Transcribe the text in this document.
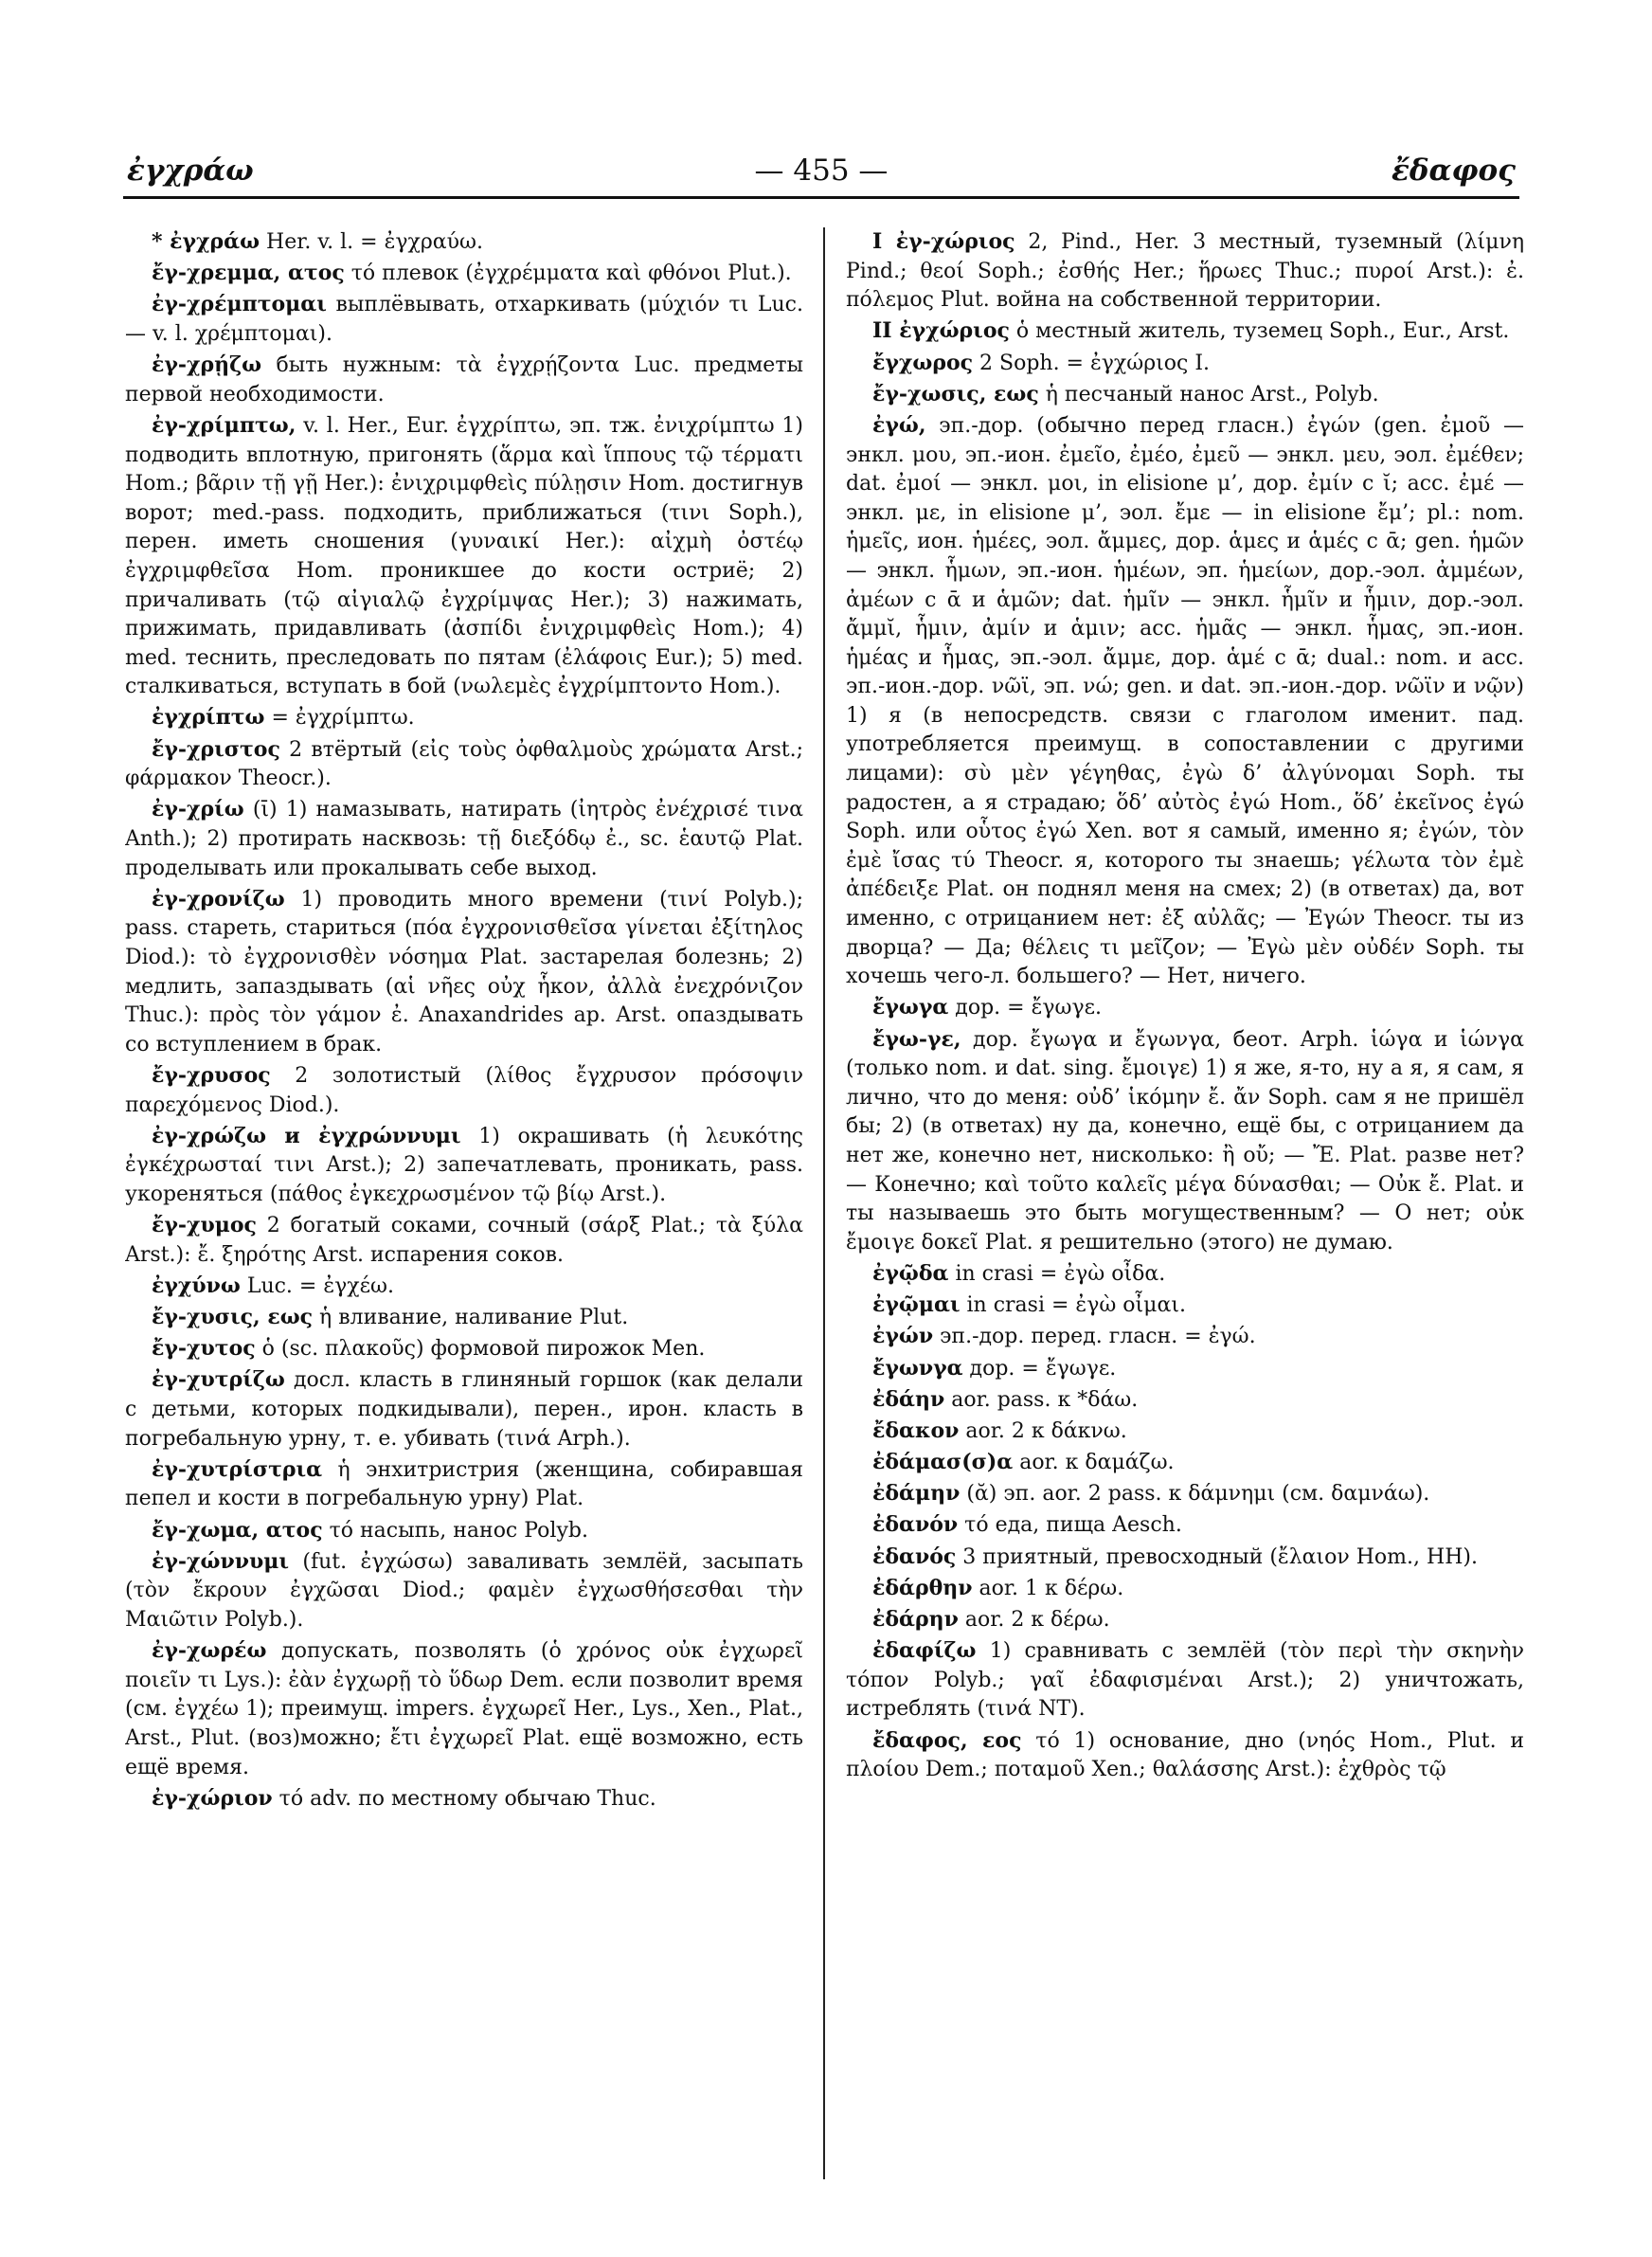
ἐγχράω	— 455 —	ἔδαφος

* ἐγχράω Her. v. l. = ἐγχραύω.

ἔγ-χρεμμα, ατος τό плевок (ἐγχρέμματα καὶ φθόνοι Plut.).

ἐγ-χρέμπτομαι выплёвывать, отхаркивать (μύχιόν τι Luc. — v. l. χρέμπτομαι).

ἐγ-χρῄζω быть нужным: τὰ ἐγχρῄζοντα Luc. предметы первой необходимости.

ἐγ-χρίμπτω, v. l. Her., Eur. ἐγχρίπτω, эп. тж. ἐνιχρίμπτω 1) подводить вплотную, пригонять (ἅρμα καὶ ἵππους τῷ τέρματι Hom.; βᾶριν τῇ γῇ Her.): ἐνιχριμφθεὶς πύλῃσιν Hom. достигнув ворот; med.-pass. подходить, приближаться (τινι Soph.), перен. иметь сношения (γυναικί Her.): αἰχμὴ ὀστέῳ ἐγχριμφθεῖσα Hom. проникшее до кости остриё; 2) причаливать (τῷ αἰγιαλῷ ἐγχρίμψας Her.); 3) нажимать, прижимать, придавливать (ἀσπίδι ἐνιχριμφθεὶς Hom.); 4) med. теснить, преследовать по пятам (ἐλάφοις Eur.); 5) med. сталкиваться, вступать в бой (νωλεμὲς ἐγχρίμπτοντο Hom.).

ἐγχρίπτω = ἐγχρίμπτω.

ἔγ-χριστος 2 втёртый (εἰς τοὺς ὀφθαλμοὺς χρώματα Arst.; φάρμακον Theocr.).

ἐγ-χρίω (ῑ) 1) намазывать, натирать (ἰητρὸς ἐνέχρισέ τινα Anth.); 2) протирать насквозь: τῇ διεξόδῳ ἐ., sc. ἑαυτῷ Plat. проделывать или прокалывать себе выход.

ἐγ-χρονίζω 1) проводить много времени (τινί Polyb.); pass. стареть, стариться (πόα ἐγχρονισθεῖσα γίνεται ἐξίτηλος Diod.): τὸ ἐγχρονισθὲν νόσημα Plat. застарелая болезнь; 2) медлить, запаздывать (αἱ νῆες οὐχ ἧκον, ἀλλὰ ἐνεχρόνιζον Thuc.): πρὸς τὸν γάμον ἐ. Anaxandrides ap. Arst. опаздывать со вступлением в брак.

ἔγ-χρυσος 2 золотистый (λίθος ἔγχρυσον πρόσοψιν παρεχόμενος Diod.).

ἐγ-χρώζω и ἐγχρώννυμι 1) окрашивать (ἡ λευκότης ἐγκέχρωσταί τινι Arst.); 2) запечатлевать, проникать, pass. укореняться (πάθος ἐγκεχρωσμένον τῷ βίῳ Arst.).

ἔγ-χυμος 2 богатый соками, сочный (σάρξ Plat.; τὰ ξύλα Arst.): ἔ. ξηρότης Arst. испарения соков.

ἐγχύνω Luc. = ἐγχέω.

ἔγ-χυσις, εως ἡ вливание, наливание Plut.

ἔγ-χυτος ὁ (sc. πλακοῦς) формовой пирожок Men.

ἐγ-χυτρίζω досл. класть в глиняный горшок (как делали с детьми, которых подкидывали), перен., ирон. класть в погребальную урну, т. е. убивать (τινά Arph.).

ἐγ-χυτρίστρια ἡ энхитристрия (женщина, собиравшая пепел и кости в погребальную урну) Plat.

ἔγ-χωμα, ατος τό насыпь, нанос Polyb.

ἐγ-χώννυμι (fut. ἐγχώσω) заваливать землёй, засыпать (τὸν ἔκρουν ἐγχῶσαι Diod.; φαμὲν ἐγχωσθήσεσθαι τὴν Μαιῶτιν Polyb.).

ἐγ-χωρέω допускать, позволять (ὁ χρόνος οὐκ ἐγχωρεῖ ποιεῖν τι Lys.): ἐὰν ἐγχωρῇ τὸ ὕδωρ Dem. если позволит время (см. ἐγχέω 1); преимущ. impers. ἐγχωρεῖ Her., Lys., Xen., Plat., Arst., Plut. (воз)можно; ἔτι ἐγχωρεῖ Plat. ещё возможно, есть ещё время.

ἐγ-χώριον τό adv. по местному обычаю Thuc.

I ἐγ-χώριος 2, Pind., Her. 3 местный, туземный (λίμνη Pind.; θεοί Soph.; ἐσθής Her.; ἥρωες Thuc.; πυροί Arst.): ἐ. πόλεμος Plut. война на собственной территории.

II ἐγχώριος ὁ местный житель, туземец Soph., Eur., Arst.

ἔγχωρος 2 Soph. = ἐγχώριος I.

ἔγ-χωσις, εως ἡ песчаный нанос Arst., Polyb.

ἐγώ, эп.-дор. (обычно перед гласн.) ἐγών (gen. ἐμοῦ — энкл. μου, эп.-ион. ἐμεῖο, ἐμέο, ἐμεῦ — энкл. μευ, эол. ἐμέθεν; dat. ἐμοί — энкл. μοι, in elisione μ’, дор. ἐμίν с ῐ; acc. ἐμέ — энкл. με, in elisione μ’, эол. ἔμε — in elisione ἔμ’; pl.: nom. ἡμεῖς, ион. ἡμέες, эол. ἄμμες, дор. ἁμες и ἁμές с ᾱ; gen. ἡμῶν — энкл. ἧμων, эп.-ион. ἡμέων, эп. ἡμείων, дор.-эол. ἀμμέων, ἀμέων с ᾱ и ἁμῶν; dat. ἡμῖν — энкл. ἧμῖν и ἧμιν, дор.-эол. ἄμμῐ, ἧμιν, ἀμίν и ἁμιν; acc. ἡμᾶς — энкл. ἧμας, эп.-ион. ἡμέας и ἧμας, эп.-эол. ἄμμε, дор. ἁμέ с ᾱ; dual.: nom. и acc. эп.-ион.-дор. νῶϊ, эп. νώ; gen. и dat. эп.-ион.-дор. νῶϊν и νῷν) 1) я (в непосредств. связи с глаголом именит. пад. употребляется преимущ. в сопоставлении с другими лицами): σὺ μὲν γέγηθας, ἐγὼ δ’ ἀλγύνομαι Soph. ты радостен, а я страдаю; ὅδ’ αὐτὸς ἐγώ Hom., ὅδ’ ἐκεῖνος ἐγώ Soph. или οὗτος ἐγώ Xen. вот я самый, именно я; ἐγών, τὸν ἐμὲ ἴσας τύ Theocr. я, которого ты знаешь; γέλωτα τὸν ἐμὲ ἀπέδειξε Plat. он поднял меня на смех; 2) (в ответах) да, вот именно, с отрицанием нет: ἐξ αὐλᾶς; — Ἐγών Theocr. ты из дворца? — Да; θέλεις τι μεῖζον; — Ἐγὼ μὲν οὐδέν Soph. ты хочешь чего-л. большего? — Нет, ничего.

ἔγωγα дор. = ἔγωγε.

ἔγω-γε, дор. ἔγωγα и ἔγωνγα, беот. Arph. ἱώγα и ἱώνγα (только nom. и dat. sing. ἔμοιγε) 1) я же, я-то, ну а я, я сам, я лично, что до меня: οὐδ’ ἱκόμην ἔ. ἄν Soph. сам я не пришёл бы; 2) (в ответах) ну да, конечно, ещё бы, с отрицанием да нет же, конечно нет, нисколько: ἢ οὔ; — Ἔ. Plat. разве нет? — Конечно; καὶ τοῦτο καλεῖς μέγα δύνασθαι; — Οὐκ ἔ. Plat. и ты называешь это быть могущественным? — О нет; οὐκ ἔμοιγε δοκεῖ Plat. я решительно (этого) не думаю.

ἐγῷδα in crasi = ἐγὼ οἶδα.

ἐγῷμαι in crasi = ἐγὼ οἶμαι.

ἐγών эп.-дор. перед. гласн. = ἐγώ.

ἔγωνγα дор. = ἔγωγε.

ἐδάην aor. pass. к *δάω.

ἔδακον aor. 2 к δάκνω.

ἐδάμασ(σ)α aor. к δαμάζω.

ἐδάμην (ᾰ) эп. aor. 2 pass. к δάμνημι (см. δαμνάω).

ἐδανόν τό еда, пища Aesch.

ἐδανός 3 приятный, превосходный (ἔλαιον Hom., HH).

ἐδάρθην aor. 1 к δέρω.

ἐδάρην aor. 2 к δέρω.

ἐδαφίζω 1) сравнивать с землёй (τὸν περὶ τὴν σκηνὴν τόπον Polyb.; γαῖ ἐδαφισμέναι Arst.); 2) уничтожать, истреблять (τινά NT).

ἔδαφος, εος τό 1) основание, дно (νηός Hom., Plut. и πλοίου Dem.; ποταμοῦ Xen.; θαλάσσης Arst.): ἐχθρὸς τῷ
